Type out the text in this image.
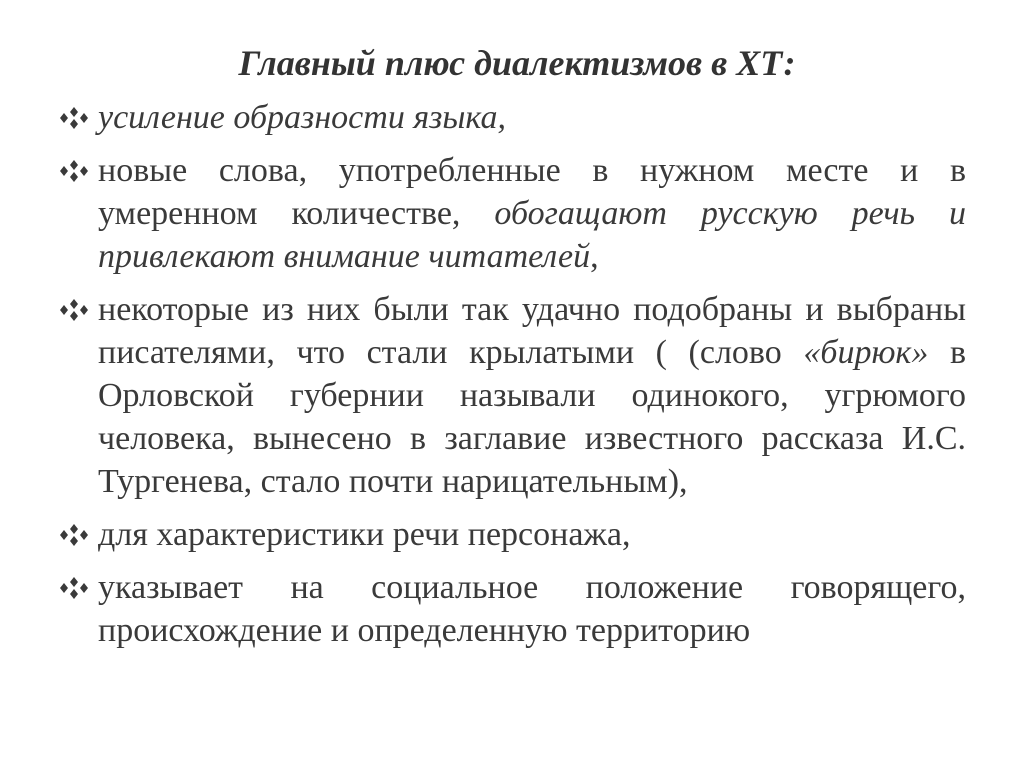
Главный плюс диалектизмов в ХТ:
усиление образности языка,
новые слова, употребленные в нужном месте и в умеренном количестве, обогащают русскую речь и привлекают внимание читателей,
некоторые из них были так удачно подобраны и выбраны писателями, что стали крылатыми ( (слово «бирюк» в Орловской губернии называли одинокого, угрюмого человека, вынесено в заглавие известного рассказа И.С. Тургенева, стало почти нарицательным),
для характеристики речи персонажа,
указывает на социальное положение говорящего, происхождение и определенную территорию
